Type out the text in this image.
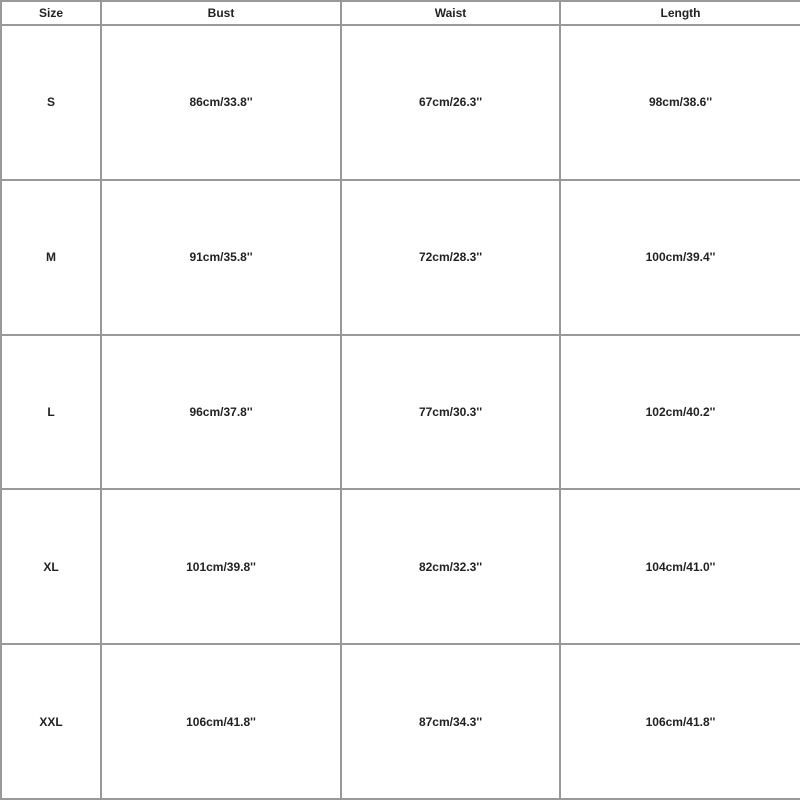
Size	Bust	Waist	Length
S	86cm/33.8''	67cm/26.3''	98cm/38.6''
M	91cm/35.8''	72cm/28.3''	100cm/39.4''
L	96cm/37.8''	77cm/30.3''	102cm/40.2''
XL	101cm/39.8''	82cm/32.3''	104cm/41.0''
XXL	106cm/41.8''	87cm/34.3''	106cm/41.8''
